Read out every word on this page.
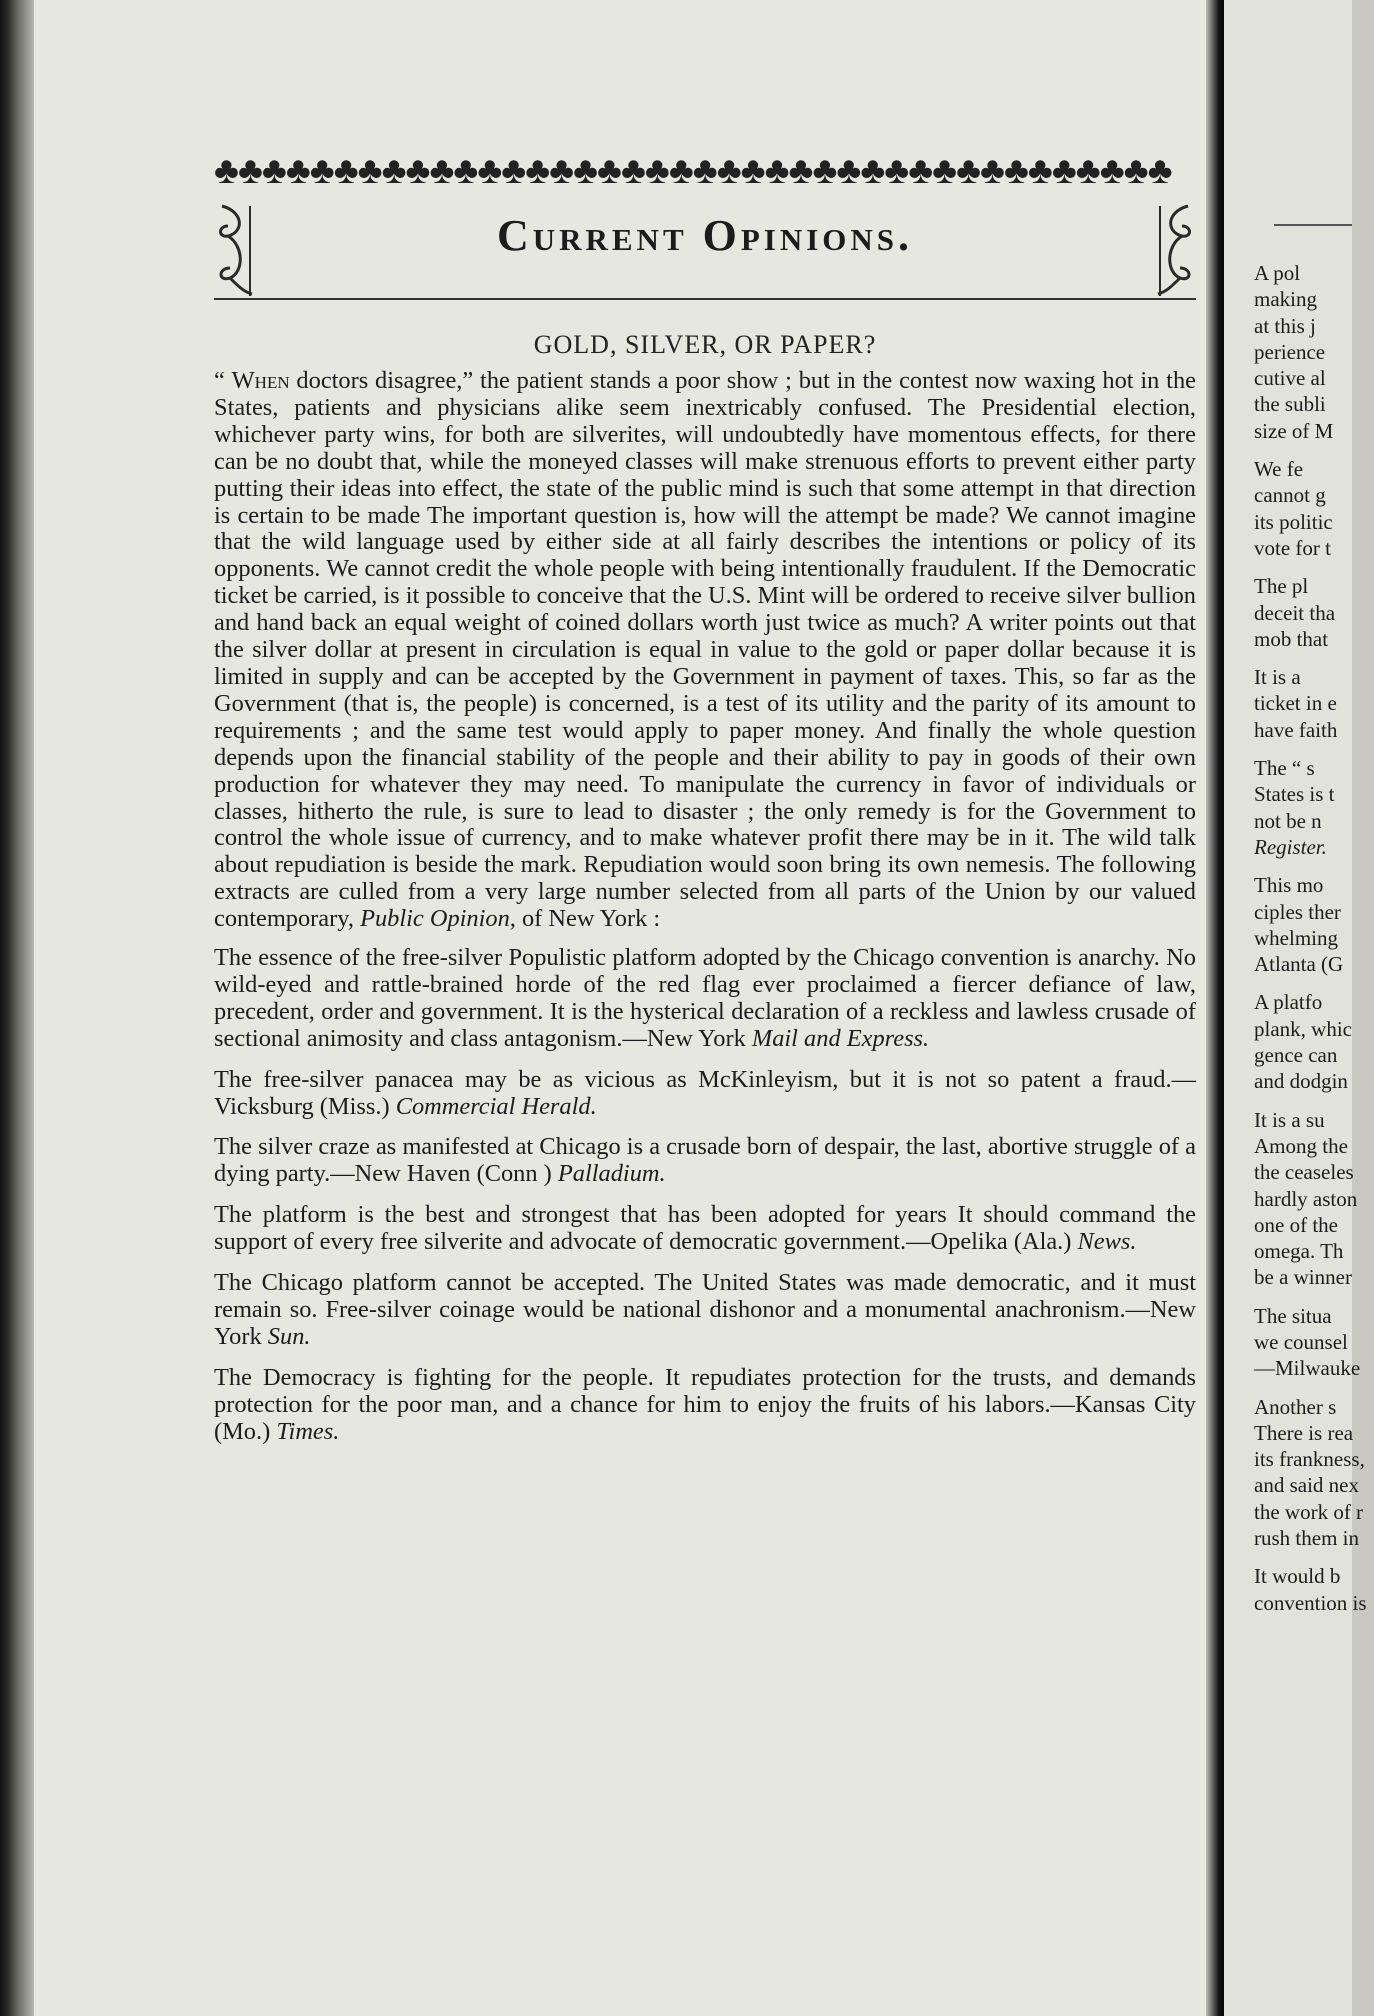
♣♣♣♣♣♣♣♣♣♣♣♣♣♣♣♣♣♣♣♣♣♣♣♣♣♣♣♣♣♣♣♣♣♣♣♣♣♣♣♣
Current Opinions.
GOLD, SILVER, OR PAPER?

“ When doctors disagree,” the patient stands a poor show ; but in the contest now waxing hot in the States, patients and physicians alike seem inextricably confused. The Presidential election, whichever party wins, for both are silverites, will undoubtedly have momentous effects, for there can be no doubt that, while the moneyed classes will make strenuous efforts to prevent either party putting their ideas into effect, the state of the public mind is such that some attempt in that direction is certain to be made The important question is, how will the attempt be made? We cannot imagine that the wild language used by either side at all fairly describes the intentions or policy of its opponents. We cannot credit the whole people with being intentionally fraudulent. If the Democratic ticket be carried, is it possible to conceive that the U.S. Mint will be ordered to receive silver bullion and hand back an equal weight of coined dollars worth just twice as much? A writer points out that the silver dollar at present in circulation is equal in value to the gold or paper dollar because it is limited in supply and can be accepted by the Government in payment of taxes. This, so far as the Government (that is, the people) is concerned, is a test of its utility and the parity of its amount to requirements ; and the same test would apply to paper money. And finally the whole question depends upon the financial stability of the people and their ability to pay in goods of their own production for whatever they may need. To manipulate the currency in favor of individuals or classes, hitherto the rule, is sure to lead to disaster ; the only remedy is for the Government to control the whole issue of currency, and to make whatever profit there may be in it. The wild talk about repudiation is beside the mark. Repudiation would soon bring its own nemesis. The following extracts are culled from a very large number selected from all parts of the Union by our valued contemporary, Public Opinion, of New York :

The essence of the free-silver Populistic platform adopted by the Chicago convention is anarchy. No wild-eyed and rattle-brained horde of the red flag ever proclaimed a fiercer defiance of law, precedent, order and government. It is the hysterical declaration of a reckless and lawless crusade of sectional animosity and class antagonism.—New York Mail and Express.

The free-silver panacea may be as vicious as McKinleyism, but it is not so patent a fraud.—Vicksburg (Miss.) Commercial Herald.

The silver craze as manifested at Chicago is a crusade born of despair, the last, abortive struggle of a dying party.—New Haven (Conn ) Palladium.

The platform is the best and strongest that has been adopted for years It should command the support of every free silverite and advocate of democratic government.—Opelika (Ala.) News.

The Chicago platform cannot be accepted. The United States was made democratic, and it must remain so. Free-silver coinage would be national dishonor and a monumental anachronism.—New York Sun.

The Democracy is fighting for the people. It repudiates protection for the trusts, and demands protection for the poor man, and a chance for him to enjoy the fruits of his labors.—Kansas City (Mo.) Times.

A pol
making
at this j
perience
cutive al
the subli
size of M
We fe
cannot g
its politic
vote for t
The pl
deceit tha
mob that
It is a
ticket in e
have faith
The “ s
States is t
not be n
Register.
This mo
ciples ther
whelming
Atlanta (G
A platfo
plank, whic
gence can
and dodgin
It is a su
Among the
the ceaseles
hardly aston
one of the
omega. Th
be a winner
The situa
we counsel
—Milwauke
Another s
There is rea
its frankness,
and said nex
the work of r
rush them in
It would b
convention is
